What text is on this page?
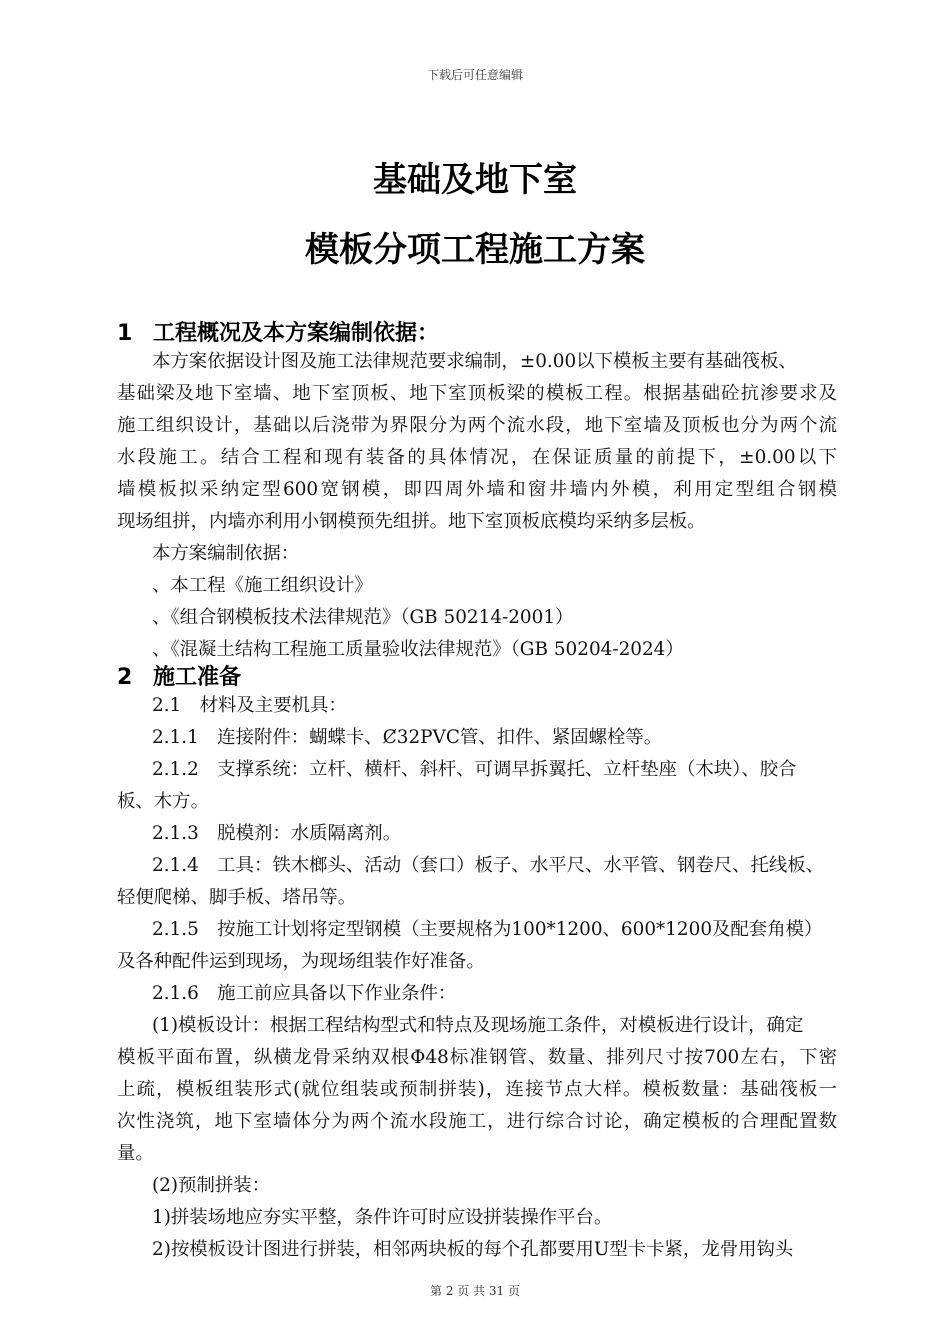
下载后可任意编辑
基础及地下室
模板分项工程施工方案
1 工程概况及本方案编制依据：
本方案依据设计图及施工法律规范要求编制，±0.00以下模板主要有基础筏板、
基础梁及地下室墙、地下室顶板、地下室顶板梁的模板工程。根据基础砼抗渗要求及
施工组织设计，基础以后浇带为界限分为两个流水段，地下室墙及顶板也分为两个流
水段施工。结合工程和现有装备的具体情况，在保证质量的前提下，±0.00以下
墙模板拟采纳定型600宽钢模，即四周外墙和窗井墙内外模，利用定型组合钢模
现场组拼，内墙亦利用小钢模预先组拼。地下室顶板底模均采纳多层板。
本方案编制依据：
、本工程《施工组织设计》
、《组合钢模板技术法律规范》（GB 50214-2001）
、《混凝土结构工程施工质量验收法律规范》（GB 50204-2024）
2 施工准备
2.1　材料及主要机具：
2.1.1　连接附件：蝴蝶卡、Ȼ32PVC管、扣件、紧固螺栓等。
2.1.2　支撑系统：立杆、横杆、斜杆、可调早拆翼托、立杆垫座（木块）、胶合
板、木方。
2.1.3　脱模剂：水质隔离剂。
2.1.4　工具：铁木榔头、活动（套口）板子、水平尺、水平管、钢卷尺、托线板、
轻便爬梯、脚手板、塔吊等。
2.1.5　按施工计划将定型钢模（主要规格为100*1200、600*1200及配套角模）
及各种配件运到现场，为现场组装作好准备。
2.1.6　施工前应具备以下作业条件：
(1)模板设计：根据工程结构型式和特点及现场施工条件，对模板进行设计，确定
模板平面布置，纵横龙骨采纳双根Φ48标准钢管、数量、排列尺寸按700左右，下密
上疏，模板组装形式(就位组装或预制拼装)，连接节点大样。模板数量：基础筏板一
次性浇筑，地下室墙体分为两个流水段施工，进行综合讨论，确定模板的合理配置数
量。
(2)预制拼装：
1)拼装场地应夯实平整，条件许可时应设拼装操作平台。
2)按模板设计图进行拼装，相邻两块板的每个孔都要用U型卡卡紧，龙骨用钩头
第 2 页 共 31 页
